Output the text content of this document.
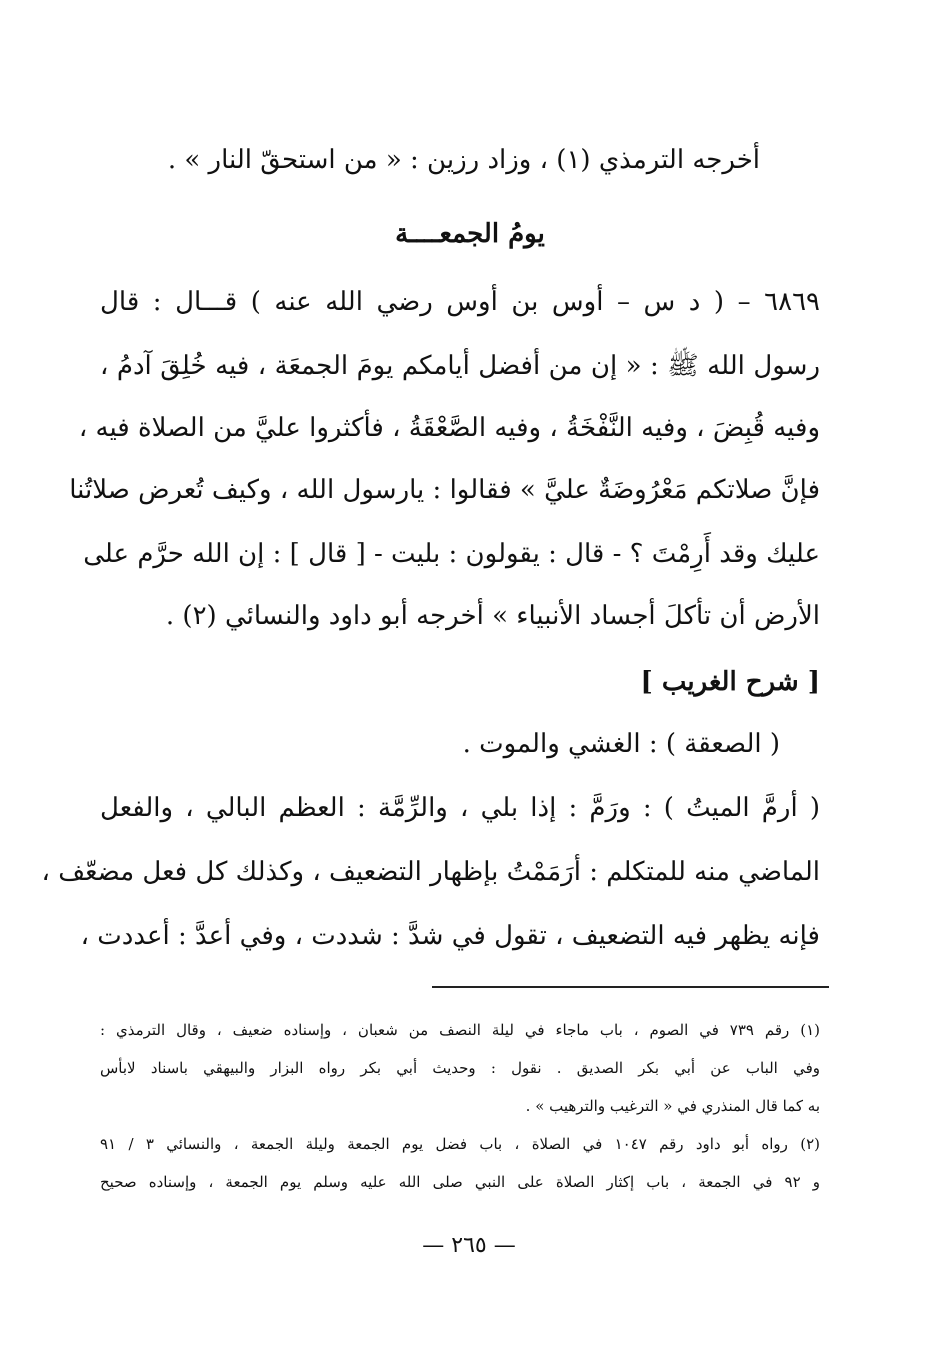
أخرجه الترمذي (١) ، وزاد رزين : « من استحقّ النار » .
يومُ الجمعــــة
٦٨٦٩ – ( د س – أوس بن أوس رضي الله عنه ) قـــال : قال
رسول الله ﷺ : « إن من أفضل أيامكم يومَ الجمعَة ، فيه خُلِقَ آدمُ ،
وفيه قُبِضَ ، وفيه النَّفْخَةُ ، وفيه الصَّعْقَةُ ، فأكثروا عليَّ من الصلاة فيه ،
فإنَّ صلاتكم مَعْرُوضَةٌ عليَّ » فقالوا : يارسول الله ، وكيف تُعرض صلاتُنا
عليك وقد أَرِمْتَ ؟ - قال : يقولون : بليت - [ قال ] : إن الله حرَّم على
الأرض أن تأكلَ أجساد الأنبياء » أخرجه أبو داود والنسائي (٢) .
[ شرح الغريب ]
( الصعقة ) : الغشي والموت .
( أرمَّ الميتُ ) : ورَمَّ : إذا بلي ، والرِّمَّة : العظم البالي ، والفعل
الماضي منه للمتكلم : أرَمَمْتُ بإظهار التضعيف ، وكذلك كل فعل مضعّف ،
فإنه يظهر فيه التضعيف ، تقول في شدَّ : شددت ، وفي أعدَّ : أعددت ،
(١) رقم ٧٣٩ في الصوم ، باب ماجاء في ليلة النصف من شعبان ، وإسناده ضعيف ، وقال الترمذي :
وفي الباب عن أبي بكر الصديق . نقول : وحديث أبي بكر رواه البزار والبيهقي باسناد لابأس
به كما قال المنذري في « الترغيب والترهيب » .
(٢) رواه أبو داود رقم ١٠٤٧ في الصلاة ، باب فضل يوم الجمعة وليلة الجمعة ، والنسائي ٣ / ٩١
و ٩٢ في الجمعة ، باب إكثار الصلاة على النبي صلى الله عليه وسلم يوم الجمعة ، وإسناده صحيح
— ٢٦٥ —
